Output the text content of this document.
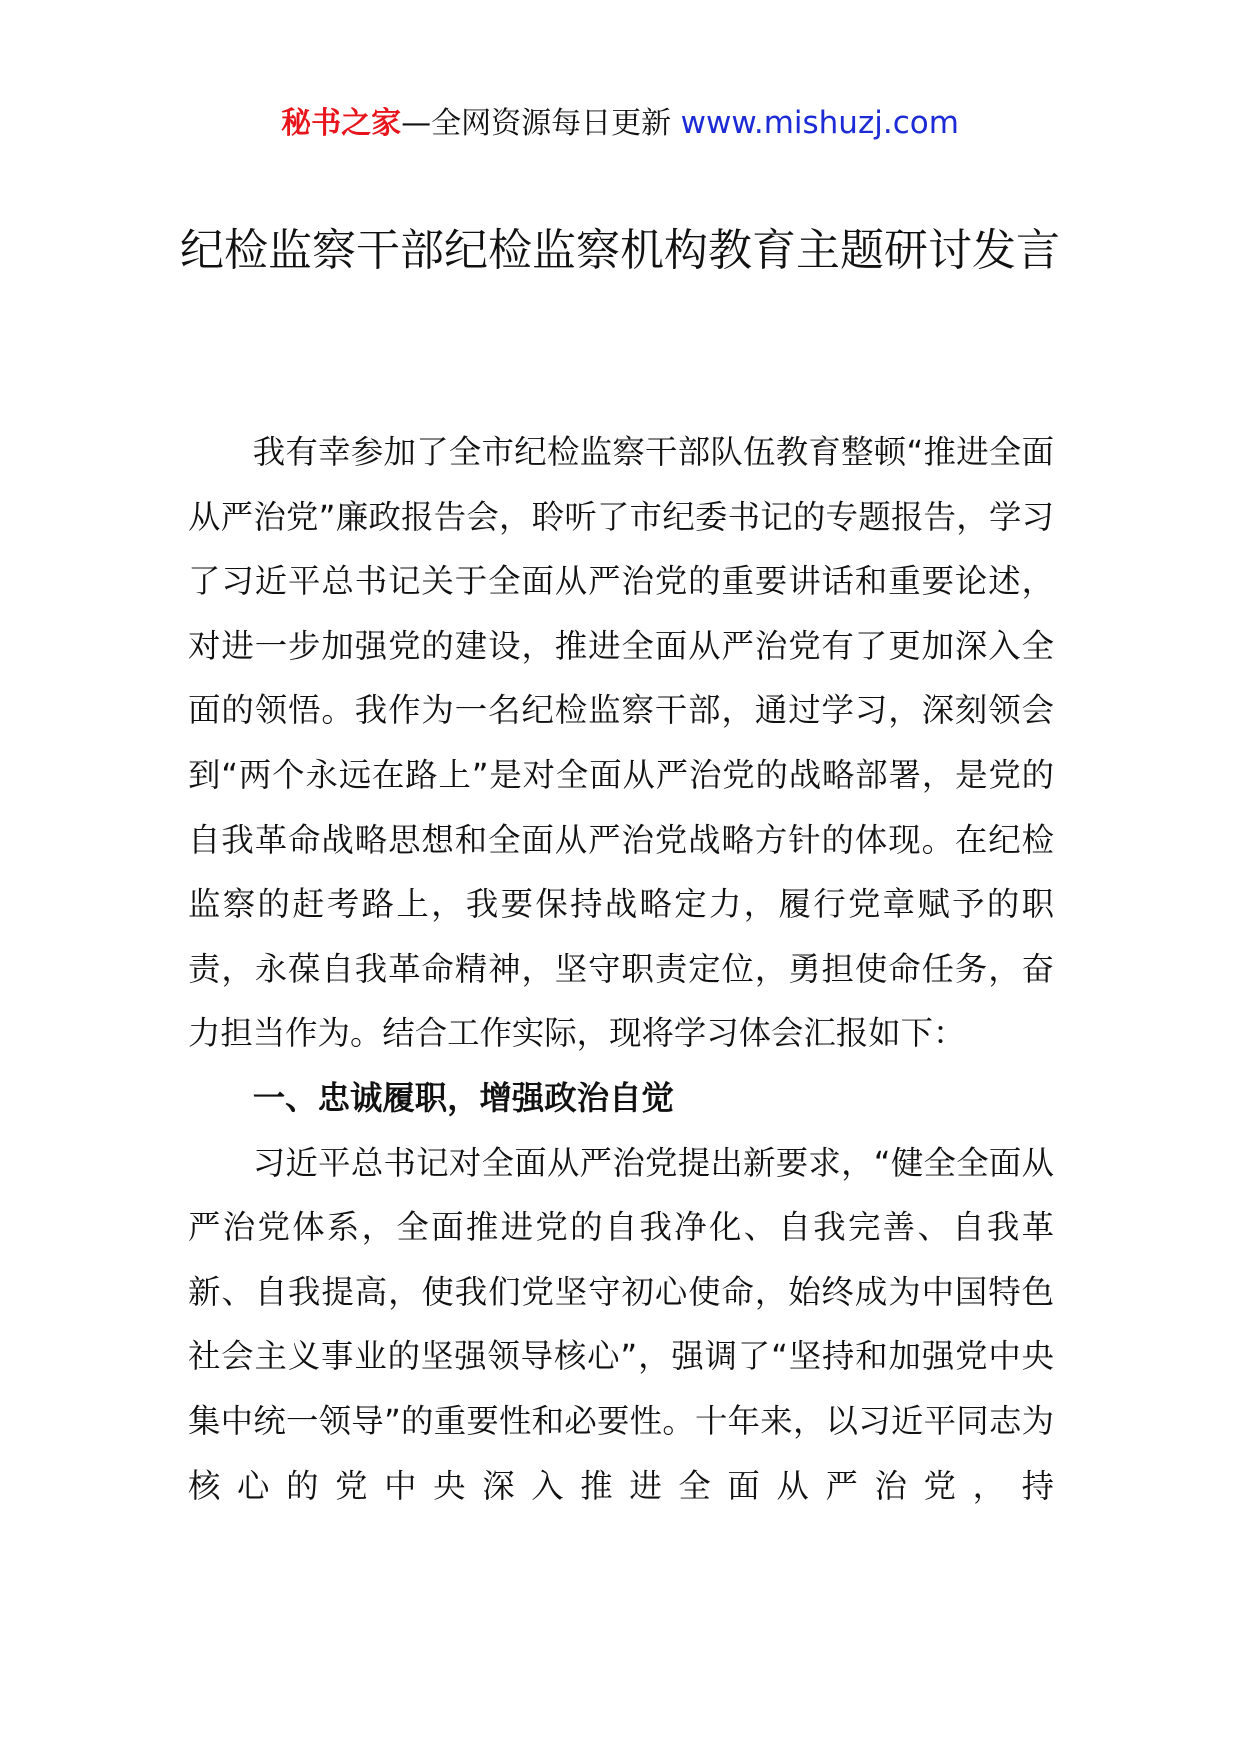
秘书之家—全网资源每日更新 www.mishuzj.com
纪检监察干部纪检监察机构教育主题研讨发言

我有幸参加了全市纪检监察干部队伍教育整顿“推进全面从严治党”廉政报告会，聆听了市纪委书记的专题报告，学习了习近平总书记关于全面从严治党的重要讲话和重要论述，对进一步加强党的建设，推进全面从严治党有了更加深入全面的领悟。我作为一名纪检监察干部，通过学习，深刻领会到“两个永远在路上”是对全面从严治党的战略部署，是党的自我革命战略思想和全面从严治党战略方针的体现。在纪检监察的赶考路上，我要保持战略定力，履行党章赋予的职责，永葆自我革命精神，坚守职责定位，勇担使命任务，奋力担当作为。结合工作实际，现将学习体会汇报如下：

一、忠诚履职，增强政治自觉

习近平总书记对全面从严治党提出新要求，“健全全面从严治党体系，全面推进党的自我净化、自我完善、自我革新、自我提高，使我们党坚守初心使命，始终成为中国特色社会主义事业的坚强领导核心”，强调了“坚持和加强党中央集中统一领导”的重要性和必要性。十年来，以习近平同志为核心的党中央深入推进全面从严治党，持
